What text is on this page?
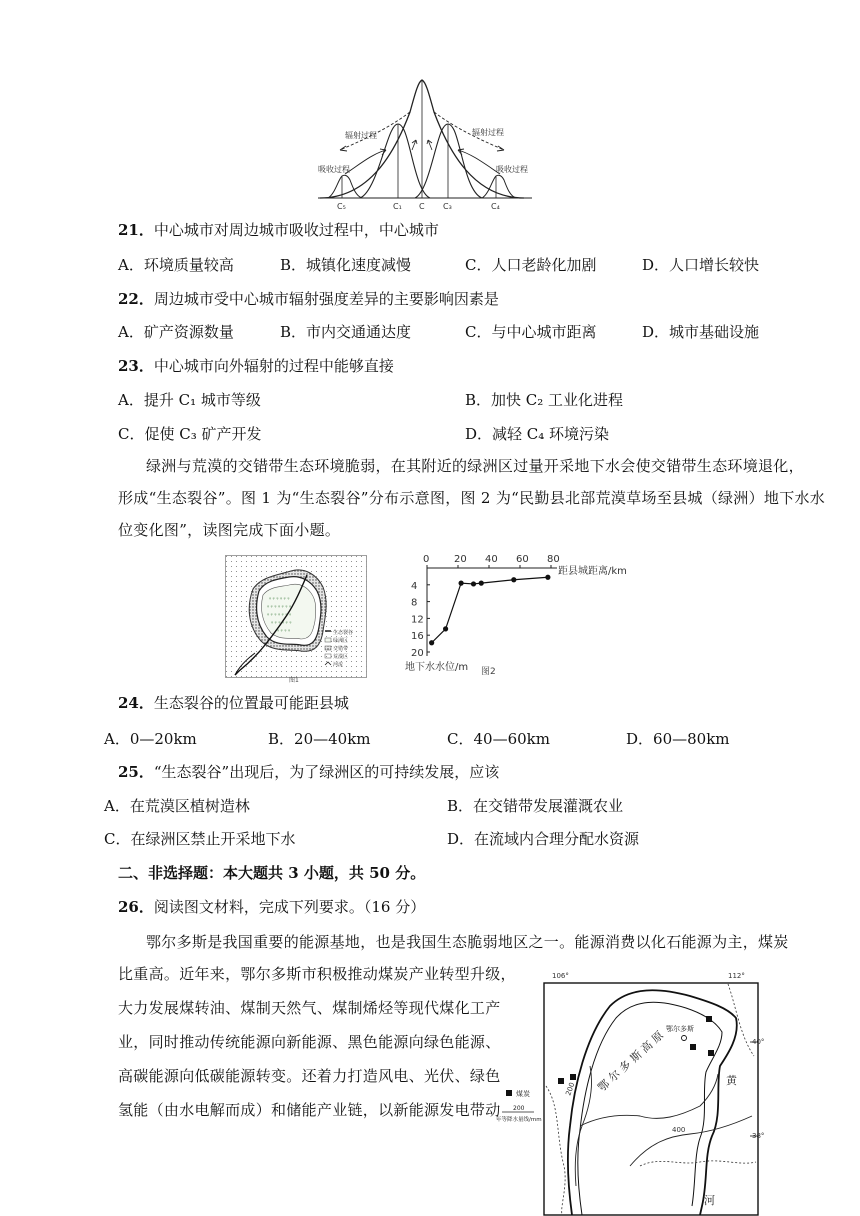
辐射过程	辐射过程
吸收过程	吸收过程
C₅	C₁ C C₃	C₄
21．中心城市对周边城市吸收过程中，中心城市
A．环境质量较高	B．城镇化速度减慢	C．人口老龄化加剧	D．人口增长较快
22．周边城市受中心城市辐射强度差异的主要影响因素是
A．矿产资源数量	B．市内交通通达度	C．与中心城市距离	D．城市基础设施
23．中心城市向外辐射的过程中能够直接
A．提升 C₁ 城市等级	B．加快 C₂ 工业化进程
C．促使 C₃ 矿产开发	D．减轻 C₄ 环境污染
绿洲与荒漠的交错带生态环境脆弱，在其附近的绿洲区过量开采地下水会使交错带生态环境退化，
形成“生态裂谷”。图 1 为“生态裂谷”分布示意图，图 2 为“民勤县北部荒漠草场至县城（绿洲）地下水水
位变化图”，读图完成下面小题。
ᵠ ᵠ ᵠ ᵠ ᵠ ᵠ
ᵠ ᵠ ᵠ ᵠ ᵠ ᵠ ᵠ
ᵠ ᵠ ᵠ ᵠ ᵠ ᵠ ᵠ
ᵠ ᵠ ᵠ ᵠ ᵠ ᵠ
ᵠ ᵠ ᵠ ᵠ	生态裂谷
绿洲区
交错带
荒漠区
河流
图1
0 20 40 60 80
4
8
12
16
20
距县城距离/km
地下水水位/m 图2
24．生态裂谷的位置最可能距县城
A．0—20km	B．20—40km	C．40—60km	D．60—80km
25．“生态裂谷”出现后，为了绿洲区的可持续发展，应该
A．在荒漠区植树造林	B．在交错带发展灌溉农业
C．在绿洲区禁止开采地下水	D．在流域内合理分配水资源
二、非选择题：本大题共 3 小题，共 50 分。
26．阅读图文材料，完成下列要求。（16 分）
鄂尔多斯是我国重要的能源基地，也是我国生态脆弱地区之一。能源消费以化石能源为主，煤炭
比重高。近年来，鄂尔多斯市积极推动煤炭产业转型升级，
大力发展煤转油、煤制天然气、煤制烯烃等现代煤化工产
业，同时推动传统能源向新能源、黑色能源向绿色能源、
高碳能源向低碳能源转变。还着力打造风电、光伏、绿色
氢能（由水电解而成）和储能产业链，以新能源发电带动
106°	112°
200
400
40°
38°
鄂尔多斯
鄂 尔 多 斯 高 原	黄
河
煤炭
200
年等降水量线/mm
